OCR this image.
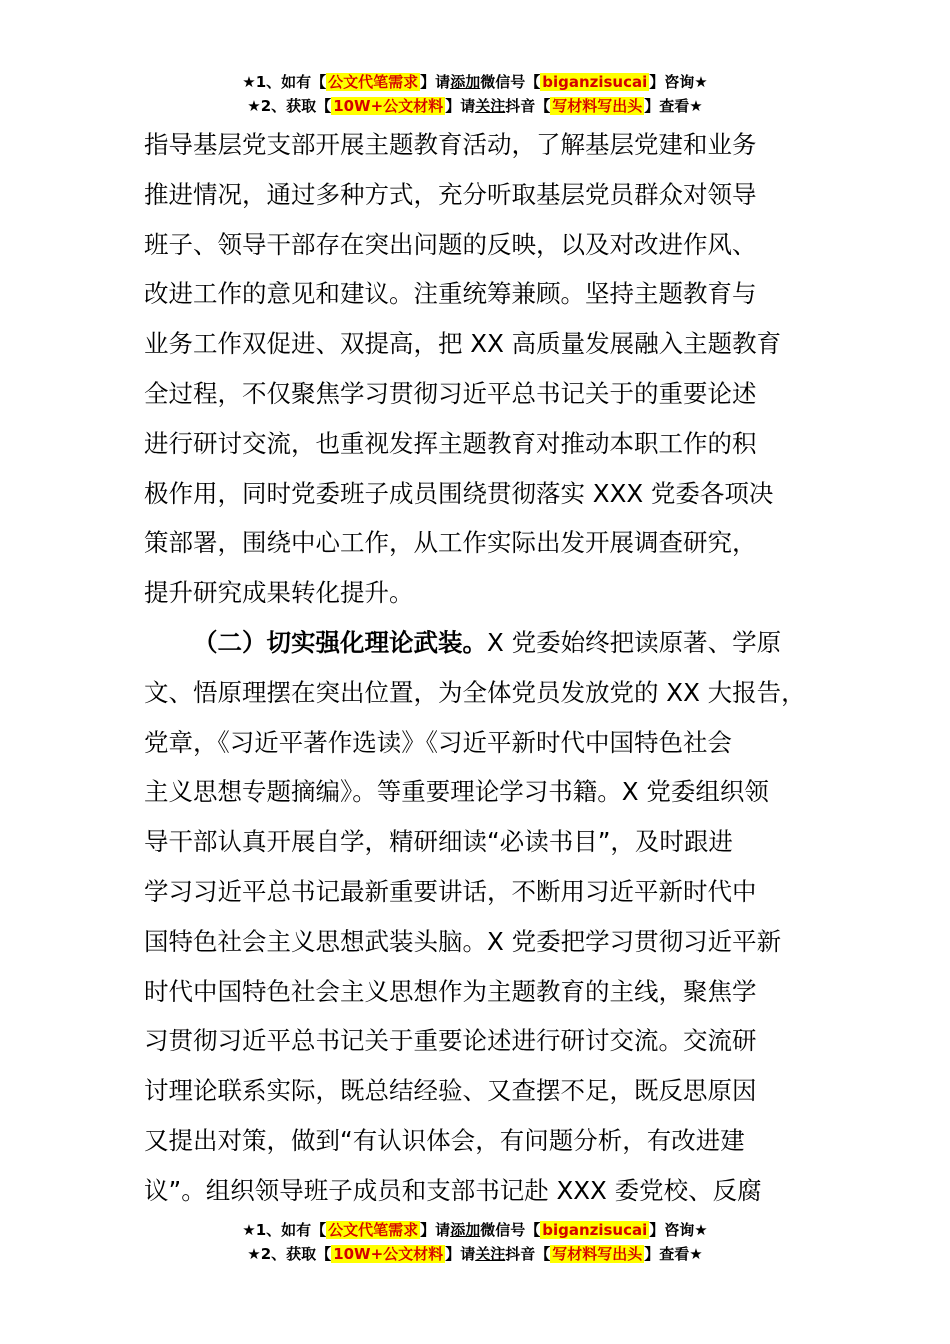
★1、如有【 公文代笔需求 】请添加微信号【 biganzisucai 】咨询★
★2、获取【 10W+公文材料 】请关注抖音【 写材料写出头 】查看★
指导基层党支部开展主题教育活动，了解基层党建和业务
推进情况，通过多种方式，充分听取基层党员群众对领导
班子、领导干部存在突出问题的反映，以及对改进作风、
改进工作的意见和建议。注重统筹兼顾。坚持主题教育与
业务工作双促进、双提高，把 XX 高质量发展融入主题教育
全过程，不仅聚焦学习贯彻习近平总书记关于的重要论述
进行研讨交流，也重视发挥主题教育对推动本职工作的积
极作用，同时党委班子成员围绕贯彻落实 XXX 党委各项决
策部署，围绕中心工作，从工作实际出发开展调查研究，
提升研究成果转化提升。
（二）切实强化理论武装。X 党委始终把读原著、学原
文、悟原理摆在突出位置，为全体党员发放党的 XX 大报告，
党章，《习近平著作选读》《习近平新时代中国特色社会
主义思想专题摘编》。等重要理论学习书籍。X 党委组织领
导干部认真开展自学，精研细读“必读书目”，及时跟进
学习习近平总书记最新重要讲话，不断用习近平新时代中
国特色社会主义思想武装头脑。X 党委把学习贯彻习近平新
时代中国特色社会主义思想作为主题教育的主线，聚焦学
习贯彻习近平总书记关于重要论述进行研讨交流。交流研
讨理论联系实际，既总结经验、又查摆不足，既反思原因
又提出对策，做到“有认识体会，有问题分析，有改进建
议”。组织领导班子成员和支部书记赴 XXX 委党校、反腐
★1、如有【 公文代笔需求 】请添加微信号【 biganzisucai 】咨询★
★2、获取【 10W+公文材料 】请关注抖音【 写材料写出头 】查看★
